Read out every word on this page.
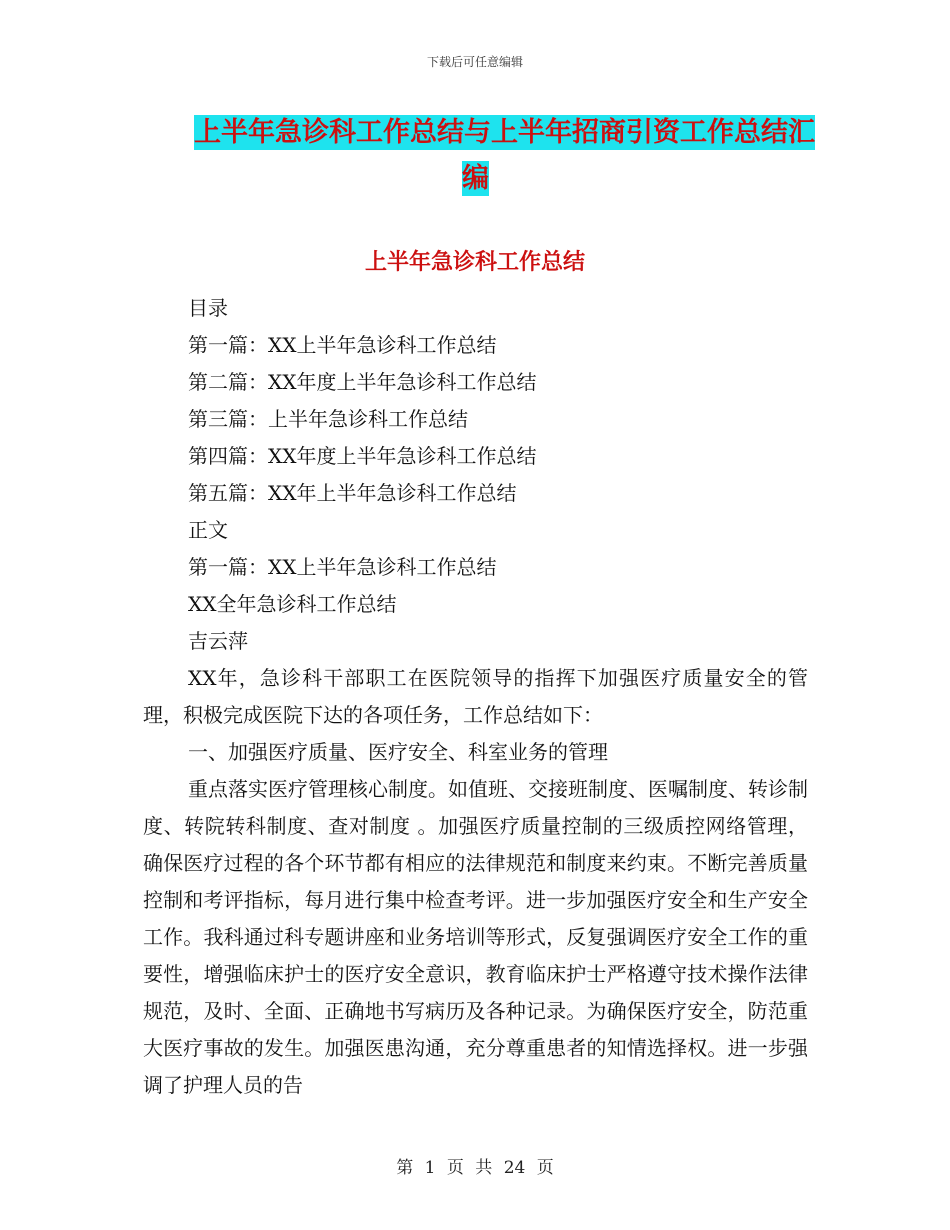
下载后可任意编辑
上半年急诊科工作总结与上半年招商引资工作总结汇
编
上半年急诊科工作总结
目录
第一篇：XX上半年急诊科工作总结
第二篇：XX年度上半年急诊科工作总结
第三篇：上半年急诊科工作总结
第四篇：XX年度上半年急诊科工作总结
第五篇：XX年上半年急诊科工作总结
正文
第一篇：XX上半年急诊科工作总结
XX全年急诊科工作总结
吉云萍
XX年，急诊科干部职工在医院领导的指挥下加强医疗质量安全的管理，积极完成医院下达的各项任务，工作总结如下：
一、加强医疗质量、医疗安全、科室业务的管理
重点落实医疗管理核心制度。如值班、交接班制度、医嘱制度、转诊制度、转院转科制度、查对制度 。加强医疗质量控制的三级质控网络管理，确保医疗过程的各个环节都有相应的法律规范和制度来约束。不断完善质量控制和考评指标，每月进行集中检查考评。进一步加强医疗安全和生产安全工作。我科通过科专题讲座和业务培训等形式，反复强调医疗安全工作的重要性，增强临床护士的医疗安全意识，教育临床护士严格遵守技术操作法律规范，及时、全面、正确地书写病历及各种记录。为确保医疗安全，防范重大医疗事故的发生。加强医患沟通，充分尊重患者的知情选择权。进一步强调了护理人员的告
第 1 页 共 24 页
